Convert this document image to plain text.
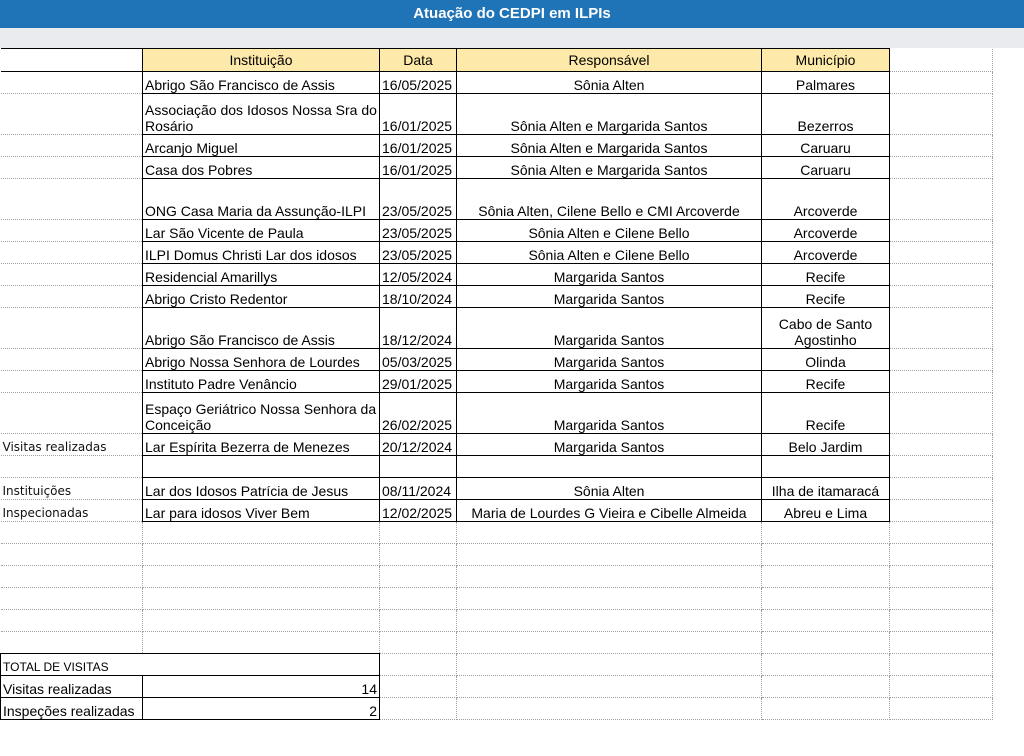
Atuação do CEDPI em ILPIs
	Instituição	Data	Responsável	Município	
	Abrigo São Francisco de Assis	16/05/2025	Sônia Alten	Palmares	
	Associação dos Idosos Nossa Sra do Rosário	16/01/2025	Sônia Alten e Margarida Santos	Bezerros	
	Arcanjo Miguel	16/01/2025	Sônia Alten e Margarida Santos	Caruaru	
	Casa dos Pobres	16/01/2025	Sônia Alten e Margarida Santos	Caruaru	
	ONG Casa Maria da Assunção-ILPI	23/05/2025	Sônia Alten, Cilene Bello e CMI Arcoverde	Arcoverde	
	Lar São Vicente de Paula	23/05/2025	Sônia Alten e Cilene Bello	Arcoverde	
	ILPI Domus Christi Lar dos idosos	23/05/2025	Sônia Alten e Cilene Bello	Arcoverde	
	Residencial Amarillys	12/05/2024	Margarida Santos	Recife	
	Abrigo Cristo Redentor	18/10/2024	Margarida Santos	Recife	
	Abrigo São Francisco de Assis	18/12/2024	Margarida Santos	Cabo de Santo Agostinho	
	Abrigo Nossa Senhora de Lourdes	05/03/2025	Margarida Santos	Olinda	
	Instituto Padre Venâncio	29/01/2025	Margarida Santos	Recife	
	Espaço Geriátrico Nossa Senhora da Conceição	26/02/2025	Margarida Santos	Recife	
Visitas realizadas	Lar Espírita Bezerra de Menezes	20/12/2024	Margarida Santos	Belo Jardim	

Instituições	Lar dos Idosos Patrícia de Jesus	08/11/2024	Sônia Alten	Ilha de itamaracá	
Inspecionadas	Lar para idosos Viver Bem	12/02/2025	Maria de Lourdes G Vieira e Cibelle Almeida	Abreu e Lima	

TOTAL DE VISITAS					
Visitas realizadas	14				
Inspeções realizadas	2				
